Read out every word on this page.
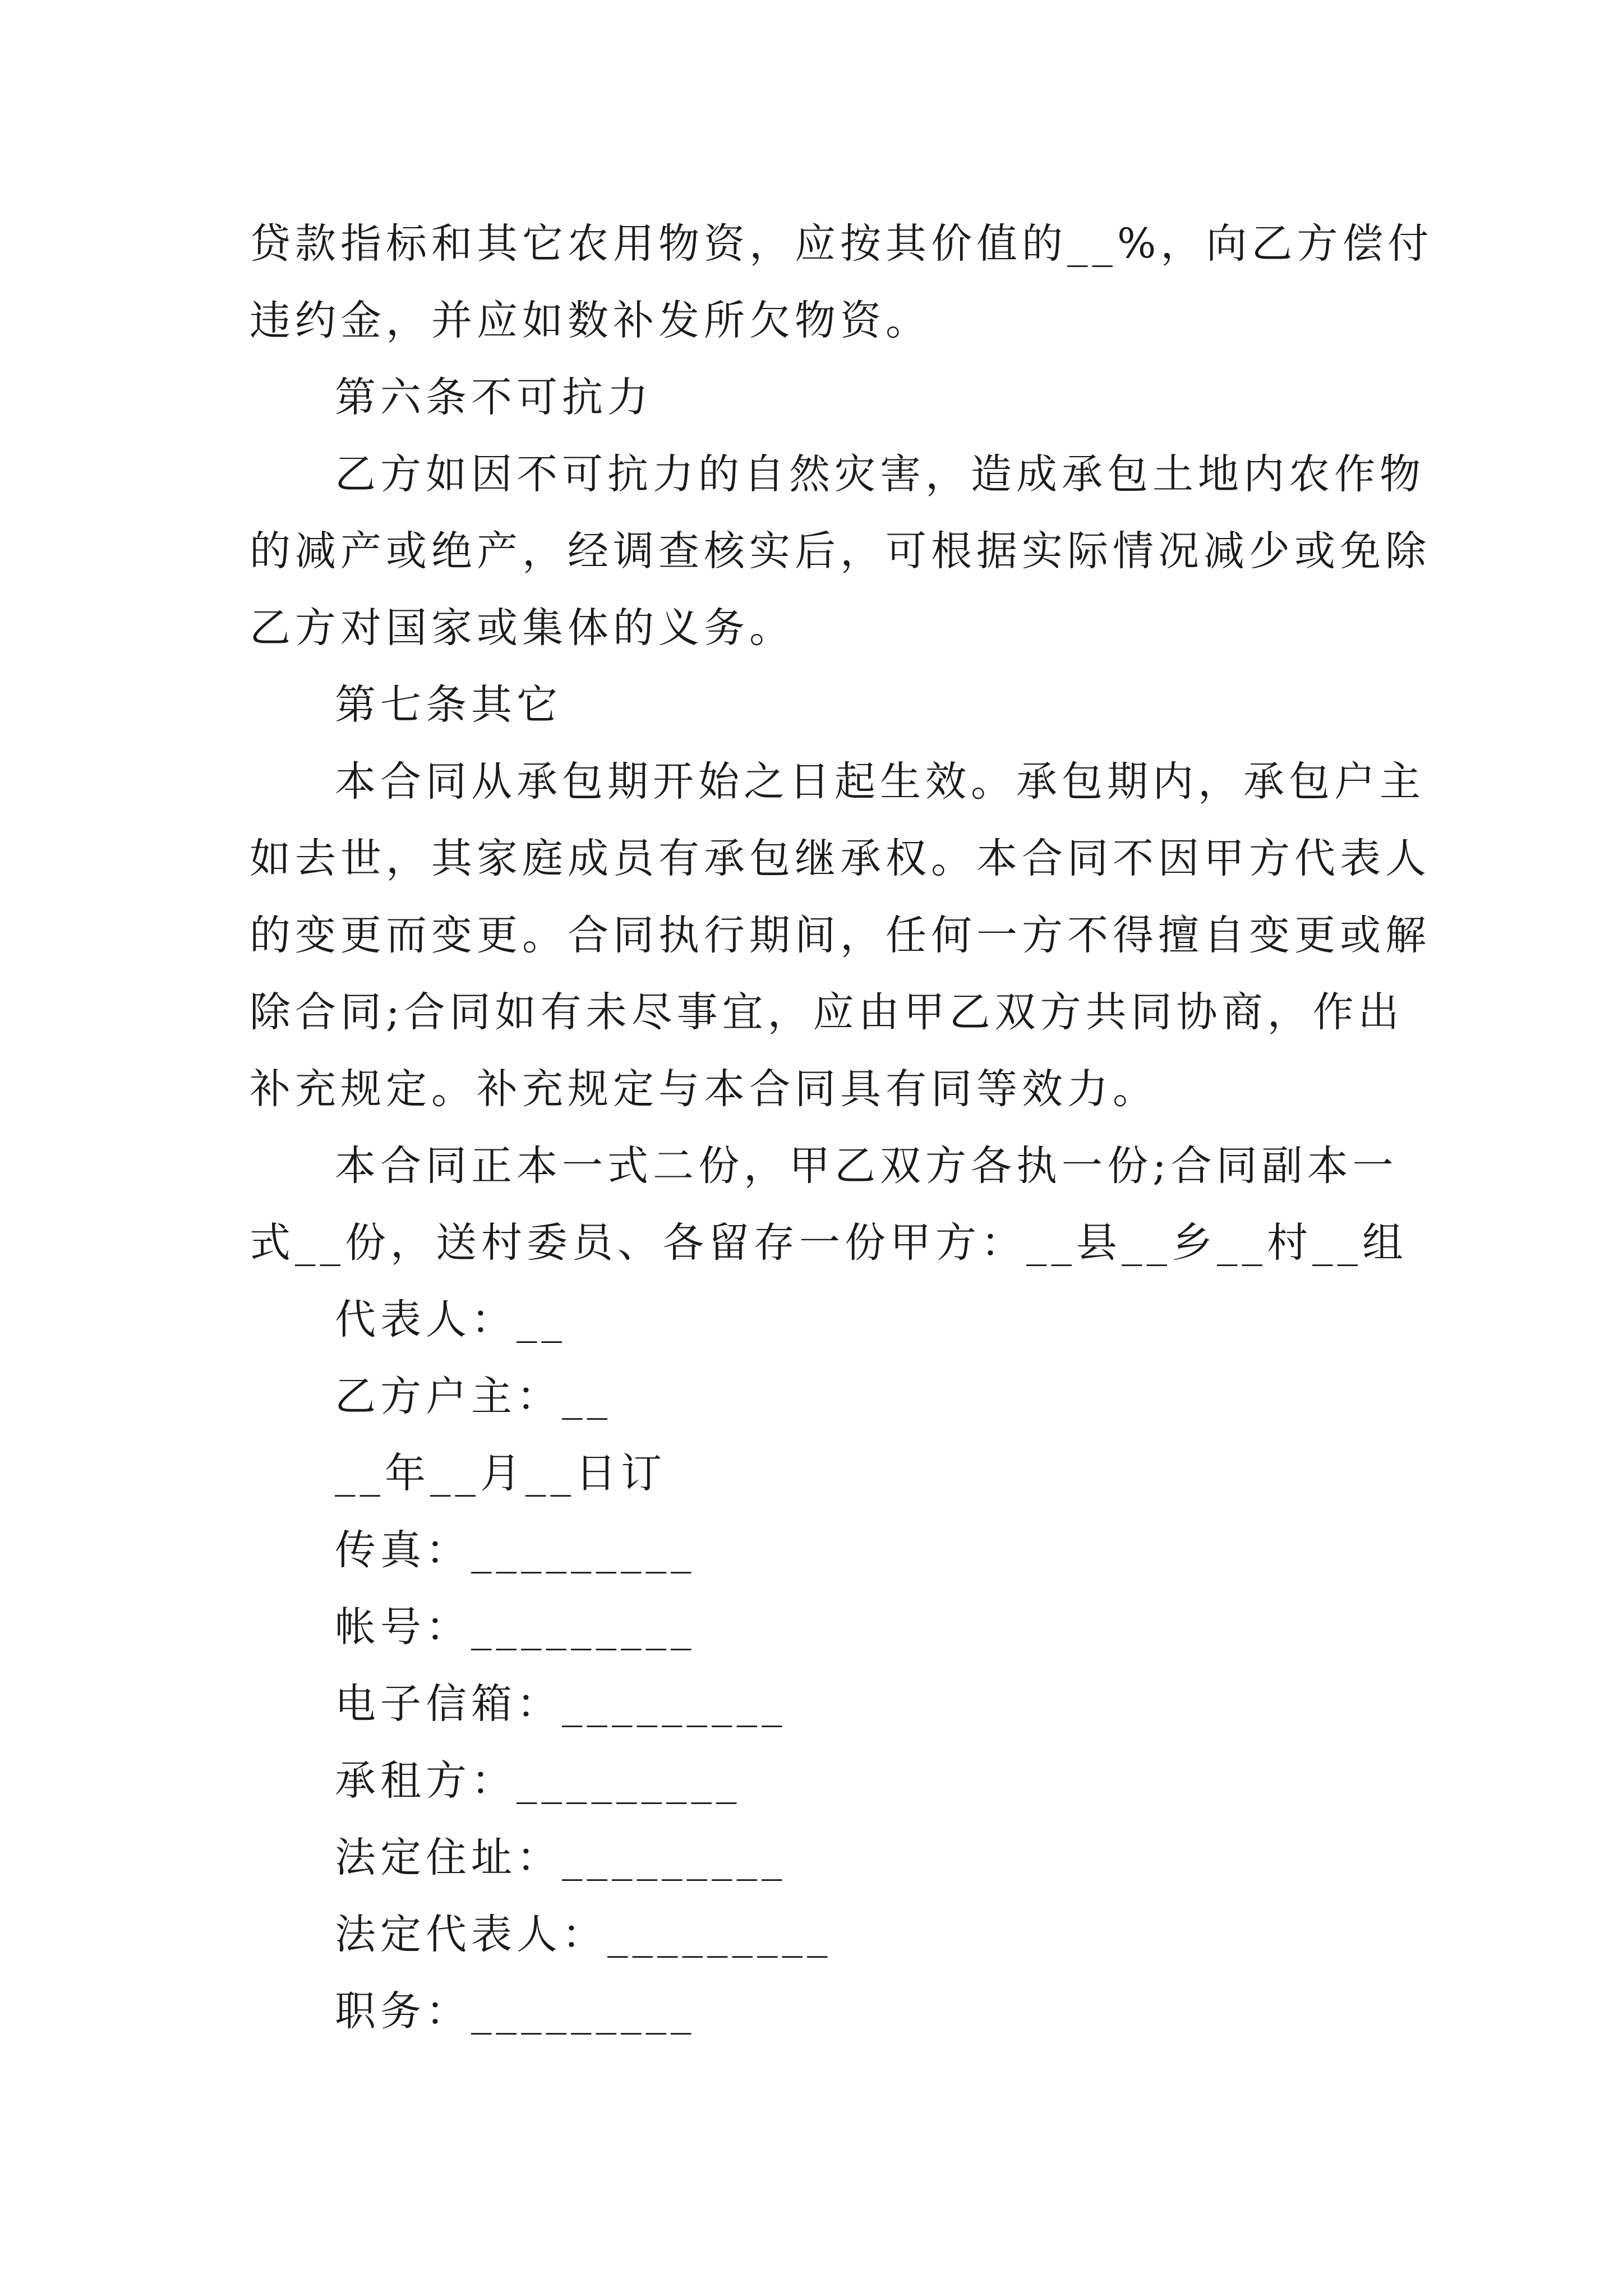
贷款指标和其它农用物资，应按其价值的__%，向乙方偿付
违约金，并应如数补发所欠物资。
第六条不可抗力
乙方如因不可抗力的自然灾害，造成承包土地内农作物
的减产或绝产，经调查核实后，可根据实际情况减少或免除
乙方对国家或集体的义务。
第七条其它
本合同从承包期开始之日起生效。承包期内，承包户主
如去世，其家庭成员有承包继承权。本合同不因甲方代表人
的变更而变更。合同执行期间，任何一方不得擅自变更或解
除合同;合同如有未尽事宜，应由甲乙双方共同协商，作出
补充规定。补充规定与本合同具有同等效力。
本合同正本一式二份，甲乙双方各执一份;合同副本一
式__份，送村委员、各留存一份甲方：__县__乡__村__组
代表人：__
乙方户主：__
__年__月__日订
传真：_________
帐号：_________
电子信箱：_________
承租方：_________
法定住址：_________
法定代表人：_________
职务：_________
